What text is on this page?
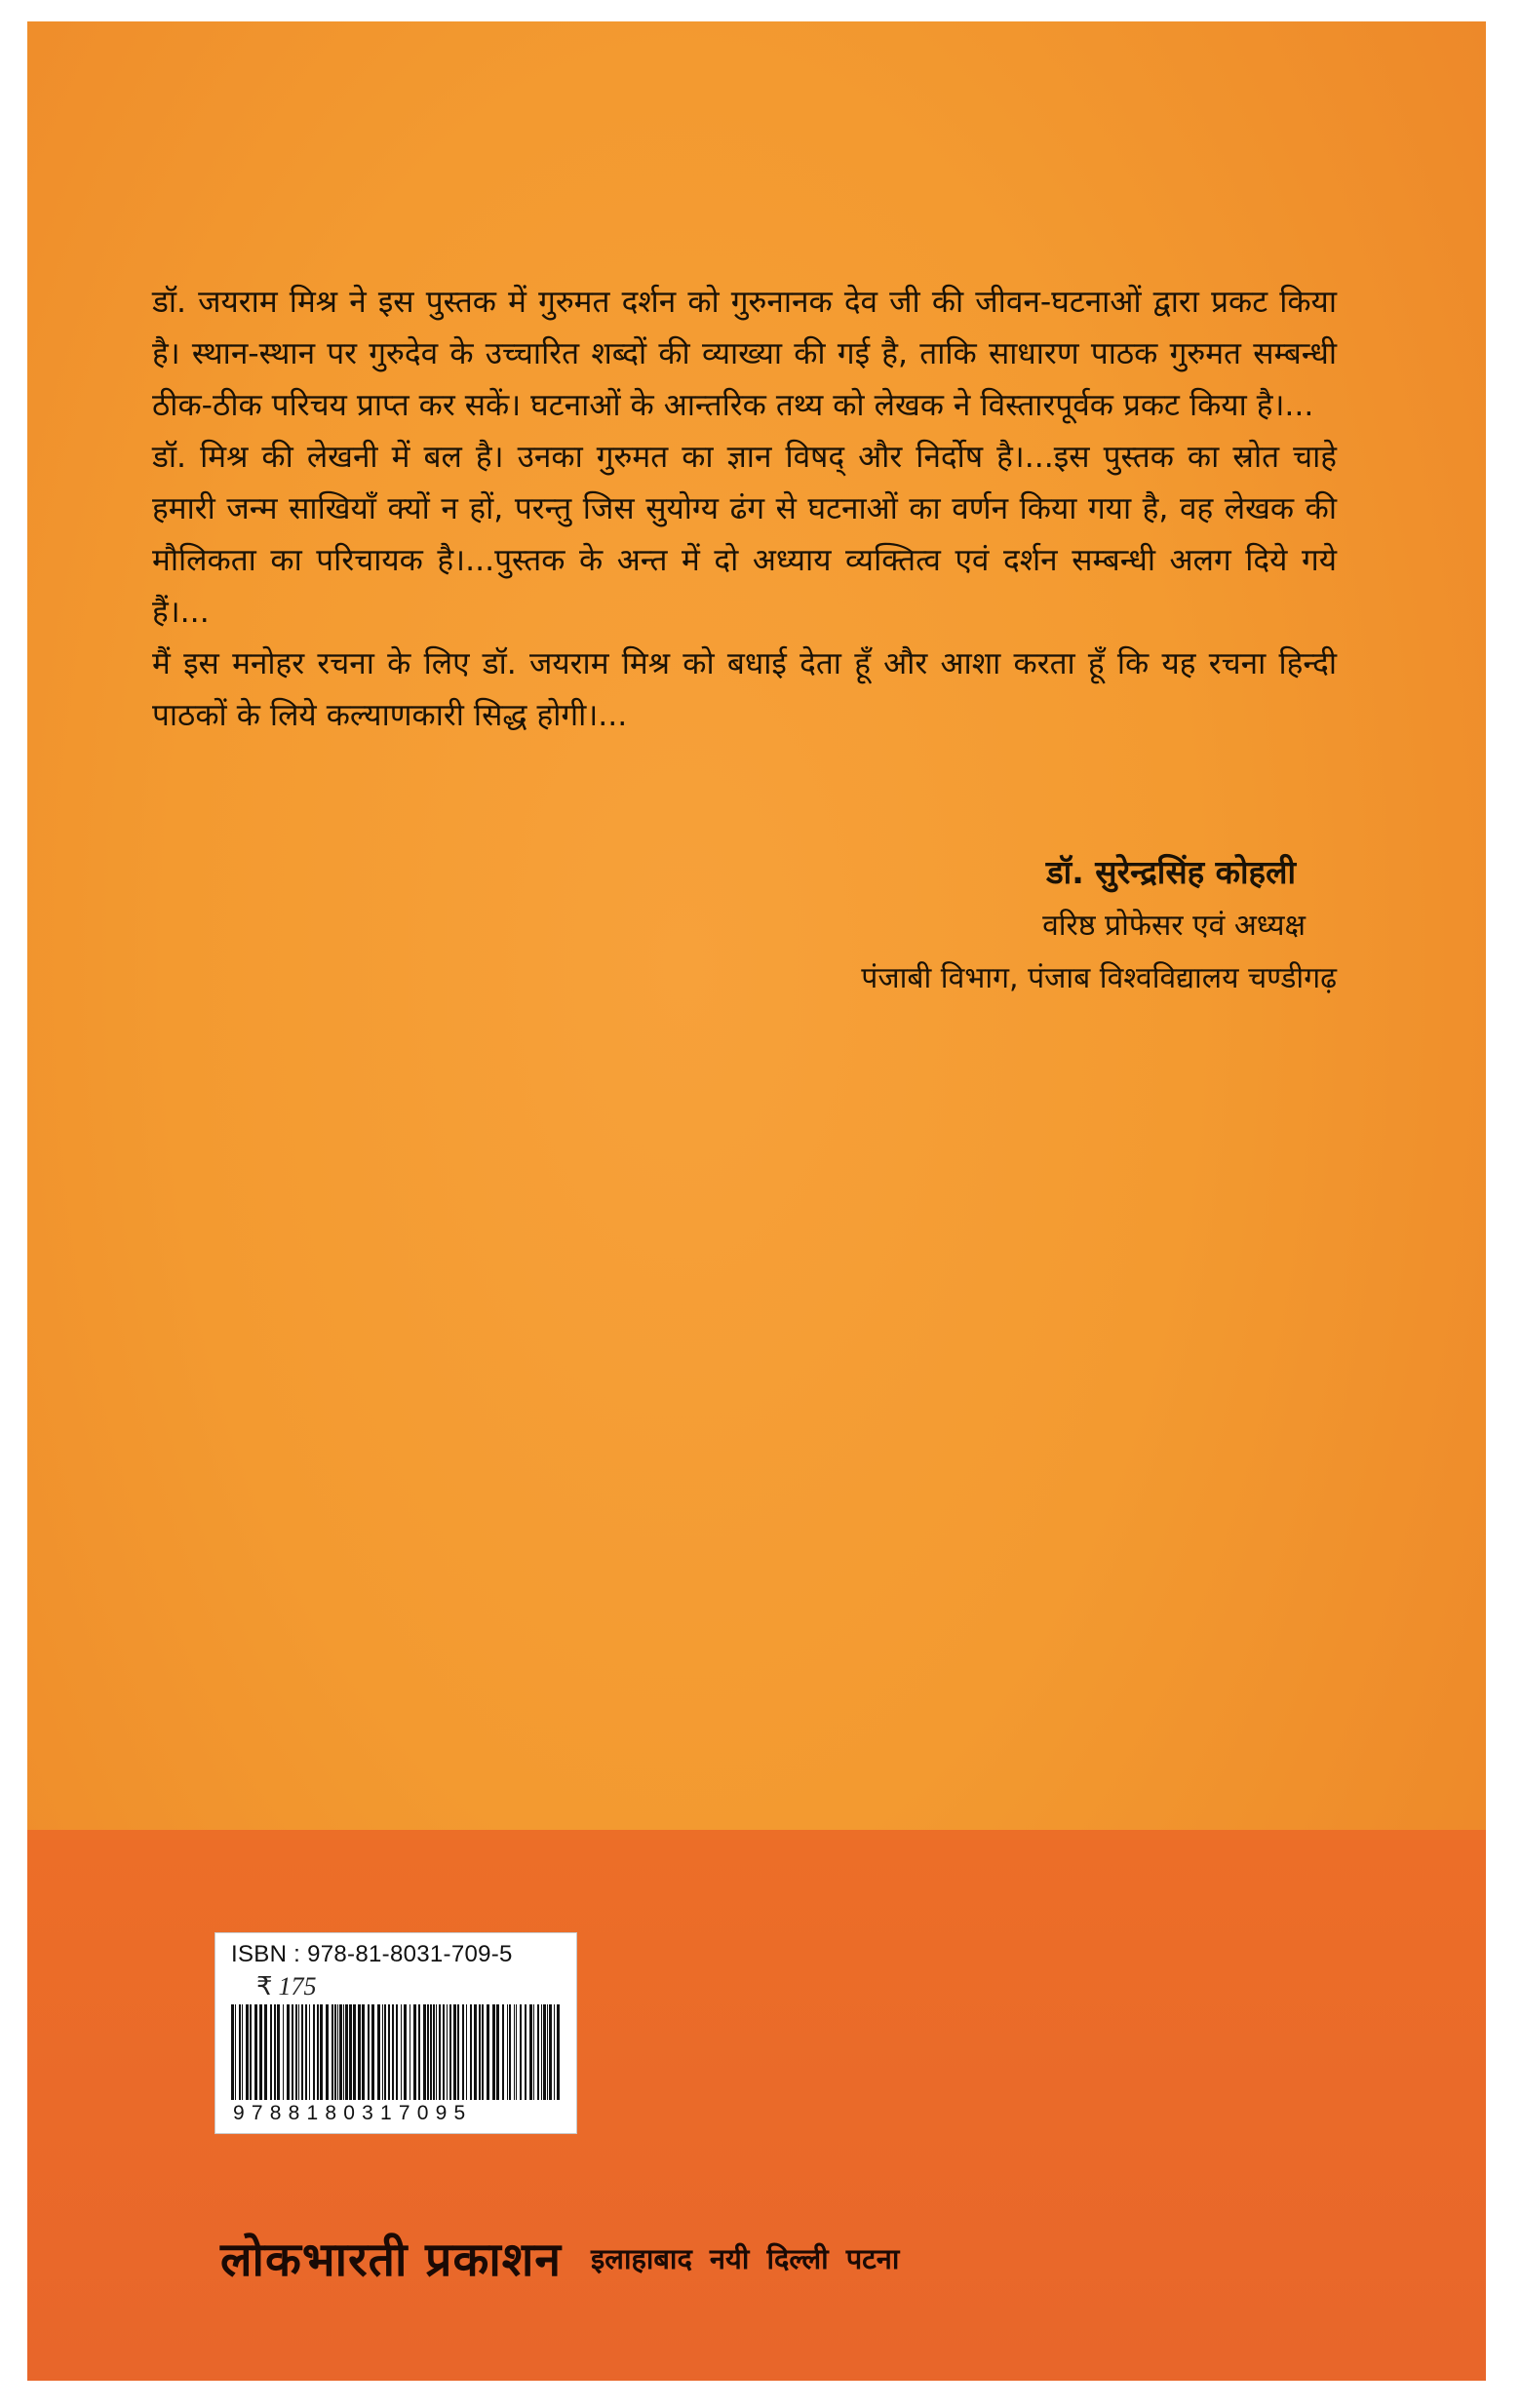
डॉ. जयराम मिश्र ने इस पुस्तक में गुरुमत दर्शन को गुरुनानक देव जी की जीवन-घटनाओं द्वारा प्रकट किया है। स्थान-स्थान पर गुरुदेव के उच्चारित शब्दों की व्याख्या की गई है, ताकि साधारण पाठक गुरुमत सम्बन्धी ठीक-ठीक परिचय प्राप्त कर सकें। घटनाओं के आन्तरिक तथ्य को लेखक ने विस्तारपूर्वक प्रकट किया है।...

डॉ. मिश्र की लेखनी में बल है। उनका गुरुमत का ज्ञान विषद् और निर्दोष है।...इस पुस्तक का स्रोत चाहे हमारी जन्म साखियाँ क्यों न हों, परन्तु जिस सुयोग्य ढंग से घटनाओं का वर्णन किया गया है, वह लेखक की मौलिकता का परिचायक है।...पुस्तक के अन्त में दो अध्याय व्यक्तित्व एवं दर्शन सम्बन्धी अलग दिये गये हैं।...

मैं इस मनोहर रचना के लिए डॉ. जयराम मिश्र को बधाई देता हूँ और आशा करता हूँ कि यह रचना हिन्दी पाठकों के लिये कल्याणकारी सिद्ध होगी।...

डॉ. सुरेन्द्रसिंह कोहली
वरिष्ठ प्रोफेसर एवं अध्यक्ष
पंजाबी विभाग, पंजाब विश्वविद्यालय चण्डीगढ़
ISBN : 978-81-8031-709-5
₹ 175
9788180317095
लोकभारती प्रकाशन इलाहाबाद नयी दिल्ली पटना
